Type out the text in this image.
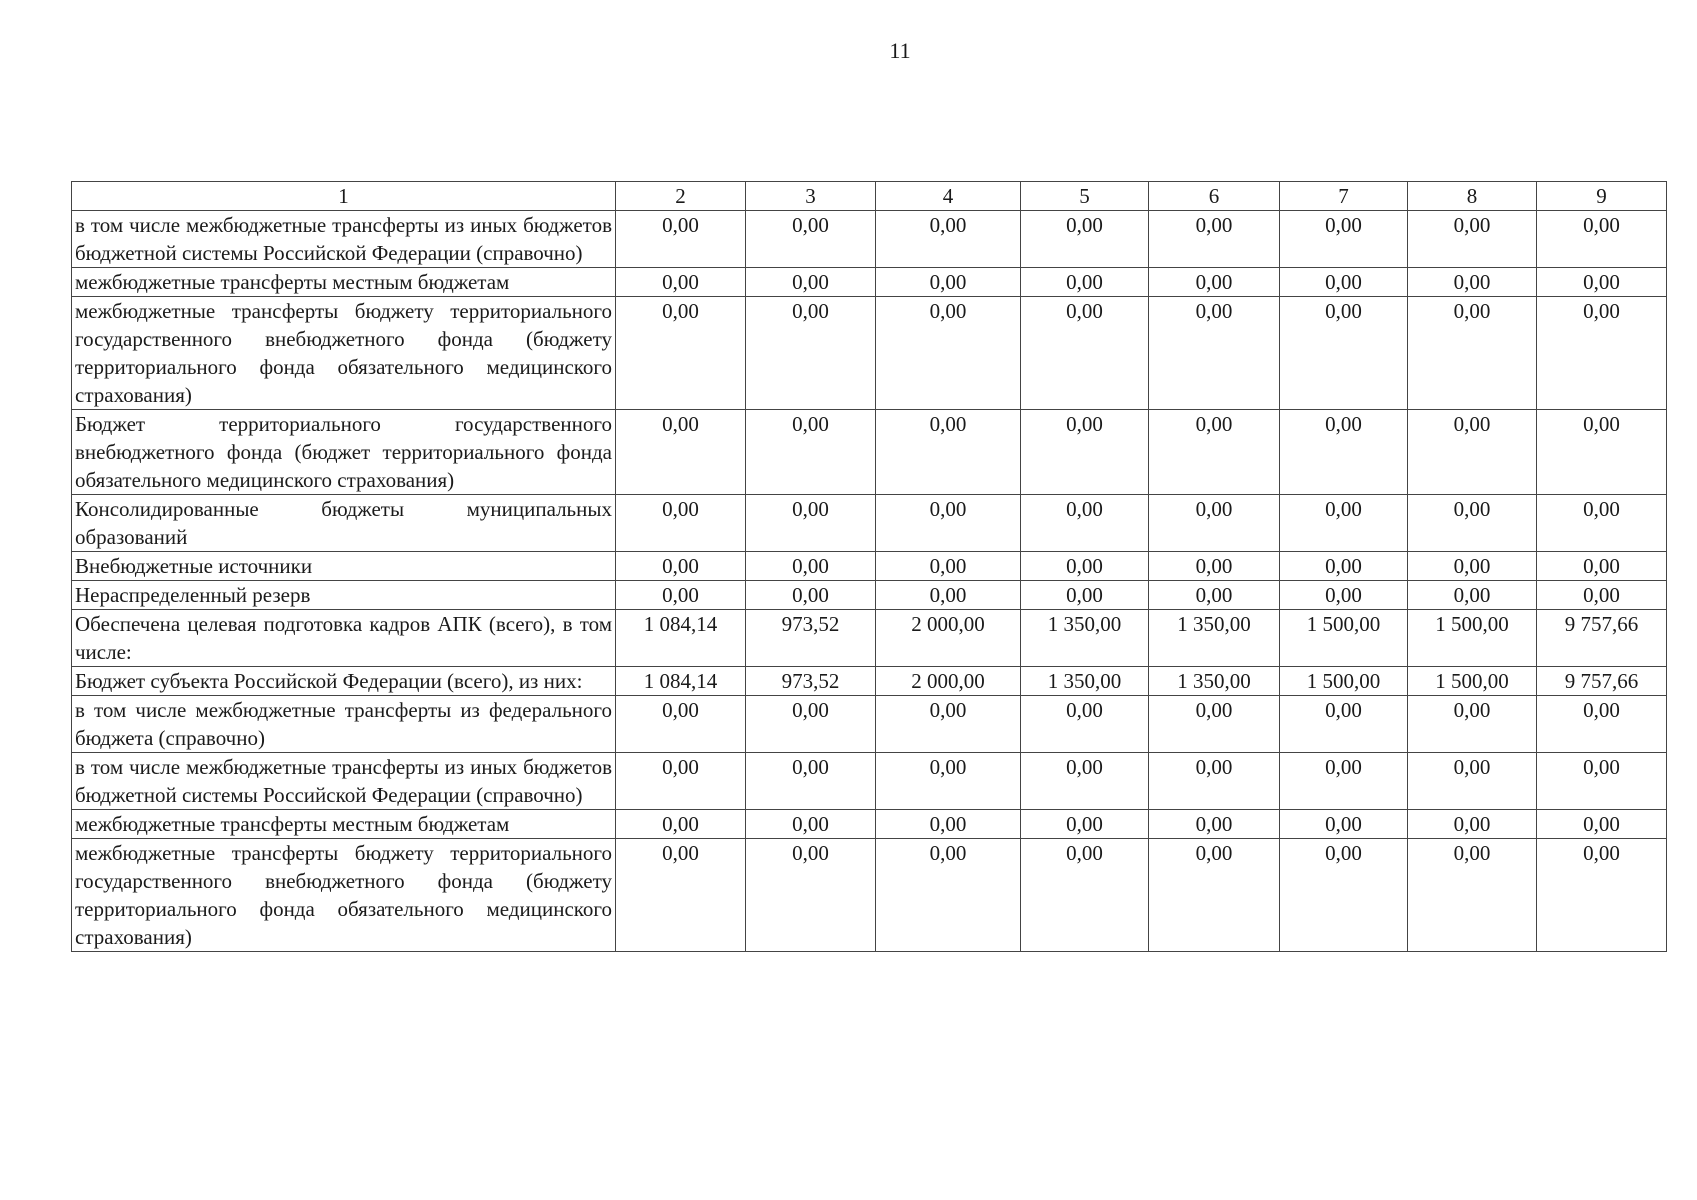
11
1	2	3	4	5	6	7	8	9
в том числе межбюджетные трансферты из иных бюджетов бюджетной системы Российской Федерации (справочно)	0,00	0,00	0,00	0,00	0,00	0,00	0,00	0,00
межбюджетные трансферты местным бюджетам	0,00	0,00	0,00	0,00	0,00	0,00	0,00	0,00
межбюджетные трансферты бюджету территориального государственного внебюджетного фонда (бюджету территориального фонда обязательного медицинского страхования)	0,00	0,00	0,00	0,00	0,00	0,00	0,00	0,00
Бюджет территориального государственного внебюджетного фонда (бюджет территориального фонда обязательного медицинского страхования)	0,00	0,00	0,00	0,00	0,00	0,00	0,00	0,00
Консолидированные бюджеты муниципальных образований	0,00	0,00	0,00	0,00	0,00	0,00	0,00	0,00
Внебюджетные источники	0,00	0,00	0,00	0,00	0,00	0,00	0,00	0,00
Нераспределенный резерв	0,00	0,00	0,00	0,00	0,00	0,00	0,00	0,00
Обеспечена целевая подготовка кадров АПК (всего), в том числе:	1 084,14	973,52	2 000,00	1 350,00	1 350,00	1 500,00	1 500,00	9 757,66
Бюджет субъекта Российской Федерации (всего), из них:	1 084,14	973,52	2 000,00	1 350,00	1 350,00	1 500,00	1 500,00	9 757,66
в том числе межбюджетные трансферты из федерального бюджета (справочно)	0,00	0,00	0,00	0,00	0,00	0,00	0,00	0,00
в том числе межбюджетные трансферты из иных бюджетов бюджетной системы Российской Федерации (справочно)	0,00	0,00	0,00	0,00	0,00	0,00	0,00	0,00
межбюджетные трансферты местным бюджетам	0,00	0,00	0,00	0,00	0,00	0,00	0,00	0,00
межбюджетные трансферты бюджету территориального государственного внебюджетного фонда (бюджету территориального фонда обязательного медицинского страхования)	0,00	0,00	0,00	0,00	0,00	0,00	0,00	0,00
